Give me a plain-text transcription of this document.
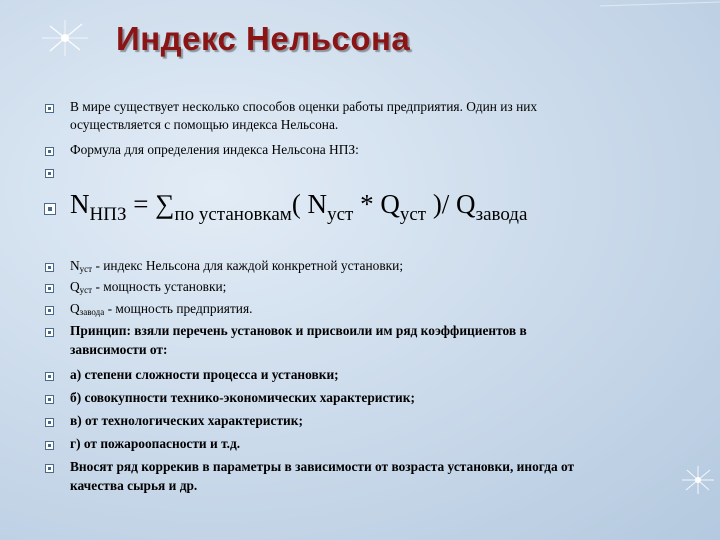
Индекс Нельсона
В мире существует несколько способов оценки работы предприятия. Один из них
осуществляется с помощью индекса Нельсона.
Формула для определения индекса Нельсона НПЗ:
$N_{НПЗ} = \sum_{по установкам}$( $N_{уст} * Q_{уст}$ )/ $Q_{завода}$
$N_{уст}$ - индекс Нельсона для каждой конкретной установки;
$Q_{уст}$ - мощность установки;
$Q_{завода}$ - мощность предприятия.
Принцип: взяли перечень установок и присвоили им ряд коэффициентов в
зависимости от:
а) степени сложности процесса и установки;
б) совокупности технико-экономических характеристик;
в) от технологических характеристик;
г) от пожароопасности и т.д.
Вносят ряд коррекив в параметры в зависимости от возраста установки, иногда от
качества сырья и др.
